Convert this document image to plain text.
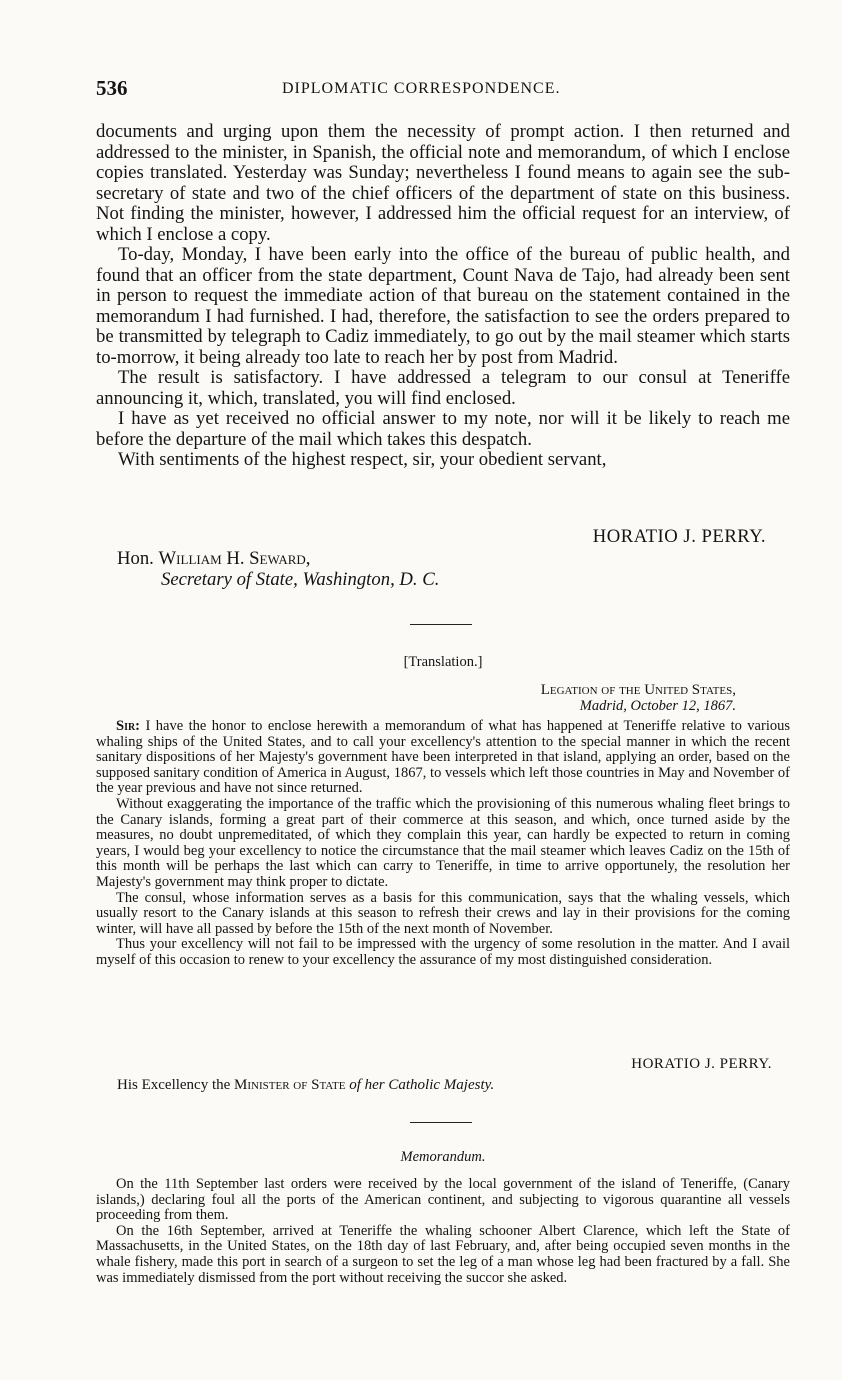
536	DIPLOMATIC CORRESPONDENCE.

documents and urging upon them the necessity of prompt action. I then returned and addressed to the minister, in Spanish, the official note and memorandum, of which I enclose copies translated. Yesterday was Sunday; nevertheless I found means to again see the sub-secretary of state and two of the chief officers of the department of state on this business. Not finding the minister, however, I addressed him the official request for an interview, of which I enclose a copy.

To-day, Monday, I have been early into the office of the bureau of public health, and found that an officer from the state department, Count Nava de Tajo, had already been sent in person to request the immediate action of that bureau on the statement contained in the memorandum I had furnished. I had, therefore, the satisfaction to see the orders prepared to be transmitted by telegraph to Cadiz immediately, to go out by the mail steamer which starts to-morrow, it being already too late to reach her by post from Madrid.

The result is satisfactory. I have addressed a telegram to our consul at Teneriffe announcing it, which, translated, you will find enclosed.

I have as yet received no official answer to my note, nor will it be likely to reach me before the departure of the mail which takes this despatch.

With sentiments of the highest respect, sir, your obedient servant,

HORATIO J. PERRY.
Hon. William H. Seward,
Secretary of State, Washington, D. C.
[Translation.]
Legation of the United States,
Madrid, October 12, 1867.

Sir: I have the honor to enclose herewith a memorandum of what has happened at Teneriffe relative to various whaling ships of the United States, and to call your excellency's attention to the special manner in which the recent sanitary dispositions of her Majesty's government have been interpreted in that island, applying an order, based on the supposed sanitary condition of America in August, 1867, to vessels which left those countries in May and November of the year previous and have not since returned.

Without exaggerating the importance of the traffic which the provisioning of this numerous whaling fleet brings to the Canary islands, forming a great part of their commerce at this season, and which, once turned aside by the measures, no doubt unpremeditated, of which they complain this year, can hardly be expected to return in coming years, I would beg your excellency to notice the circumstance that the mail steamer which leaves Cadiz on the 15th of this month will be perhaps the last which can carry to Teneriffe, in time to arrive opportunely, the resolution her Majesty's government may think proper to dictate.

The consul, whose information serves as a basis for this communication, says that the whaling vessels, which usually resort to the Canary islands at this season to refresh their crews and lay in their provisions for the coming winter, will have all passed by before the 15th of the next month of November.

Thus your excellency will not fail to be impressed with the urgency of some resolution in the matter. And I avail myself of this occasion to renew to your excellency the assurance of my most distinguished consideration.

HORATIO J. PERRY.
His Excellency the Minister of State of her Catholic Majesty.
Memorandum.

On the 11th September last orders were received by the local government of the island of Teneriffe, (Canary islands,) declaring foul all the ports of the American continent, and subjecting to vigorous quarantine all vessels proceeding from them.

On the 16th September, arrived at Teneriffe the whaling schooner Albert Clarence, which left the State of Massachusetts, in the United States, on the 18th day of last February, and, after being occupied seven months in the whale fishery, made this port in search of a surgeon to set the leg of a man whose leg had been fractured by a fall. She was immediately dismissed from the port without receiving the succor she asked.
